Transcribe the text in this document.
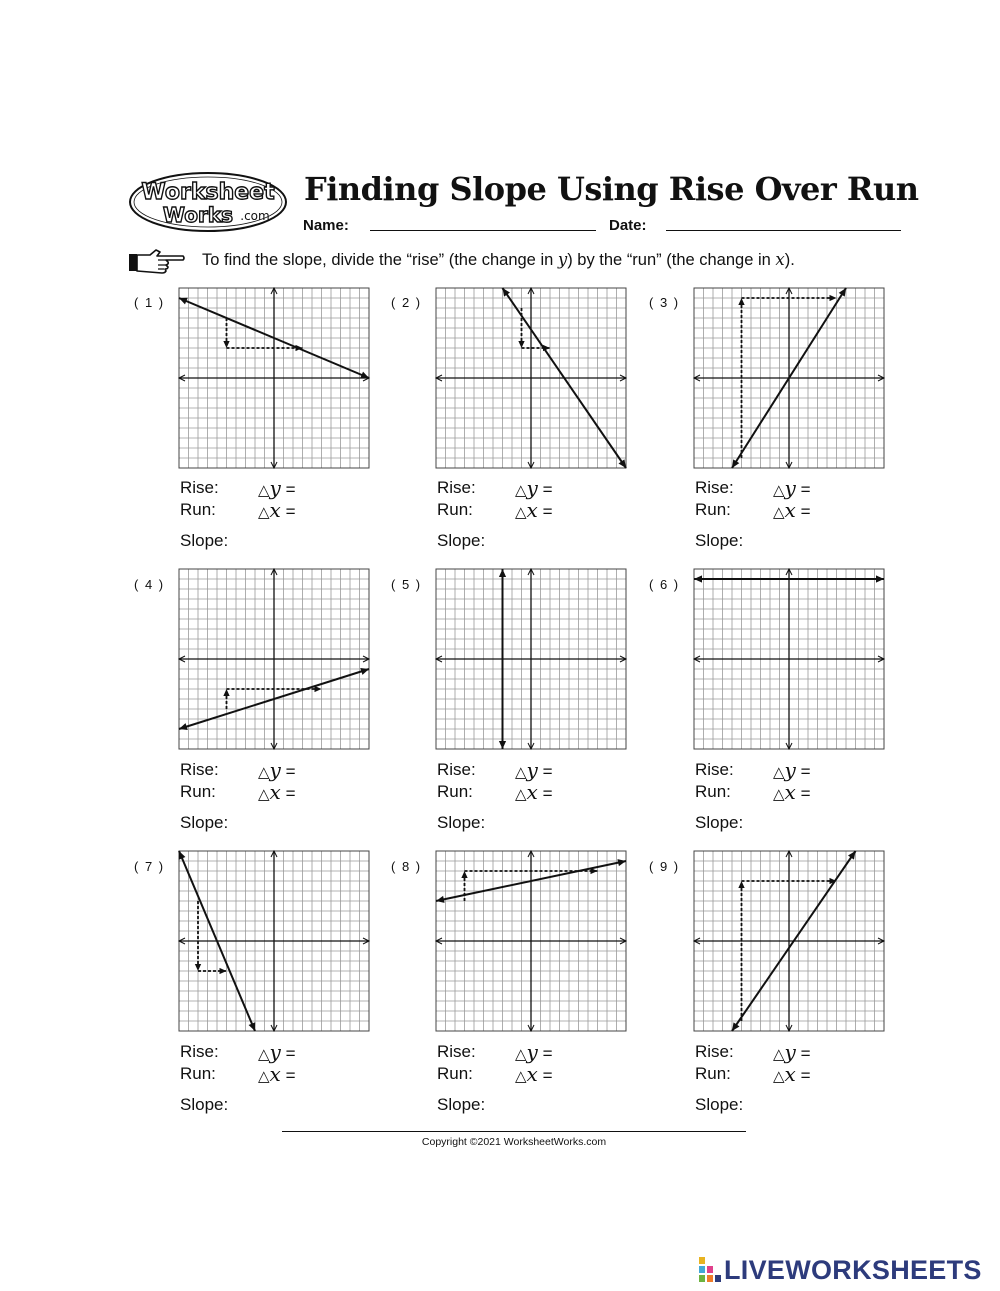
Worksheet
Works .com
Finding Slope Using Rise Over Run
Name:	Date:
To find the slope, divide the “rise” (the change in y) by the “run” (the change in x).
( 1 )
Rise:	△y =
Run:	△x =
Slope:
( 2 )
Rise:	△y =
Run:	△x =
Slope:
( 3 )
Rise:	△y =
Run:	△x =
Slope:
( 4 )
Rise:	△y =
Run:	△x =
Slope:
( 5 )
Rise:	△y =
Run:	△x =
Slope:
( 6 )
Rise:	△y =
Run:	△x =
Slope:
( 7 )
Rise:	△y =
Run:	△x =
Slope:
( 8 )
Rise:	△y =
Run:	△x =
Slope:
( 9 )
Rise:	△y =
Run:	△x =
Slope:
Copyright ©2021 WorksheetWorks.com
LIVEWORKSHEETS
